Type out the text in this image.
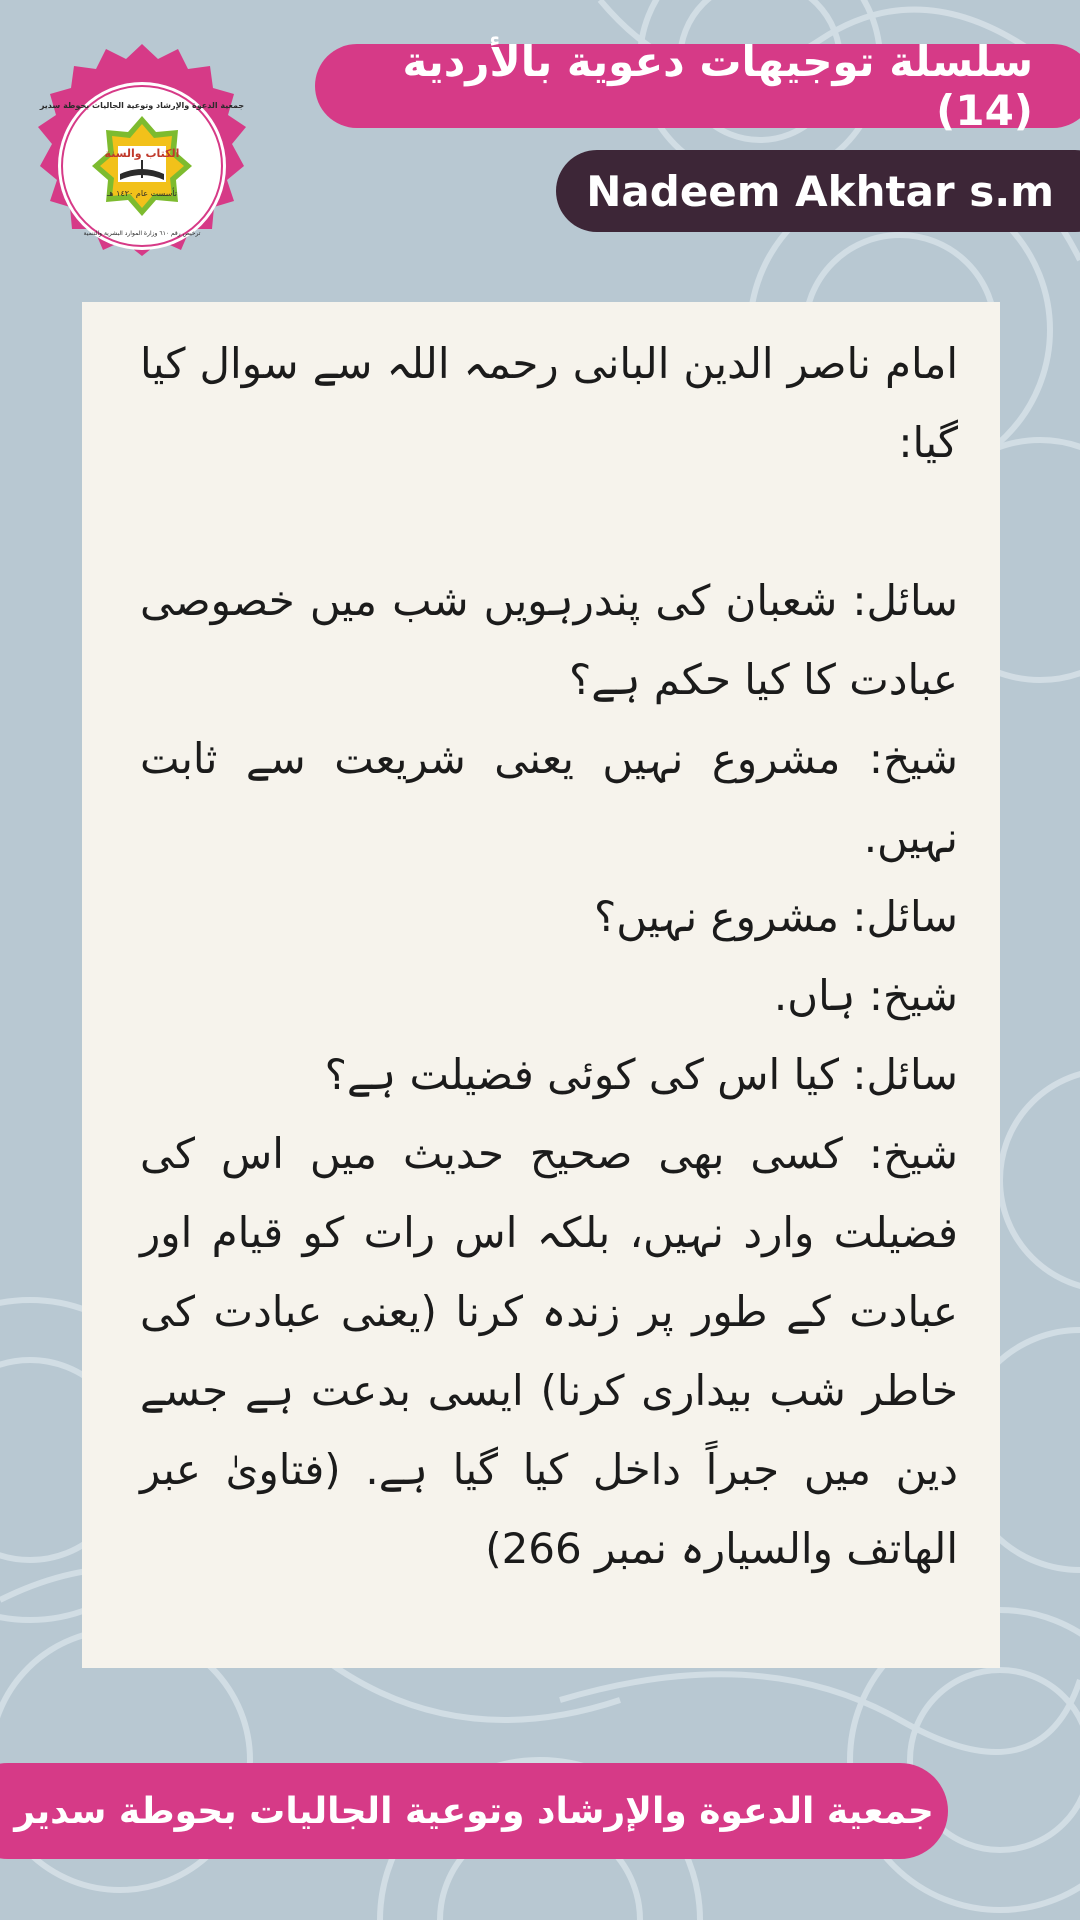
الكتاب والسنة
تأسست عام ١٤٢٠ هـ
جمعية الدعوة والإرشاد وتوعية الجاليات بحوطة سدير
ترخيص رقم ٦١٠ وزارة الموارد البشرية والتنمية
سلسلة توجيهات دعوية بالأردية (14)
Nadeem Akhtar s.m

امام ناصر الدین البانی رحمہ اللہ سے سوال کیا گیا:

سائل: شعبان کی پندرہویں شب میں خصوصی عبادت کا کیا حکم ہے؟

شیخ: مشروع نہیں یعنی شریعت سے ثابت نہیں.

سائل: مشروع نہیں؟

شیخ: ہاں.

سائل: کیا اس کی کوئی فضیلت ہے؟

شیخ: کسی بھی صحیح حدیث میں اس کی فضیلت وارد نہیں، بلکہ اس رات کو قیام اور عبادت کے طور پر زندہ کرنا (یعنی عبادت کی خاطر شب بیداری کرنا) ایسی بدعت ہے جسے دین میں جبراً داخل کیا گیا ہے. (فتاویٰ عبر الهاتف والسيارہ نمبر 266)

جمعية الدعوة والإرشاد وتوعية الجاليات بحوطة سدير
